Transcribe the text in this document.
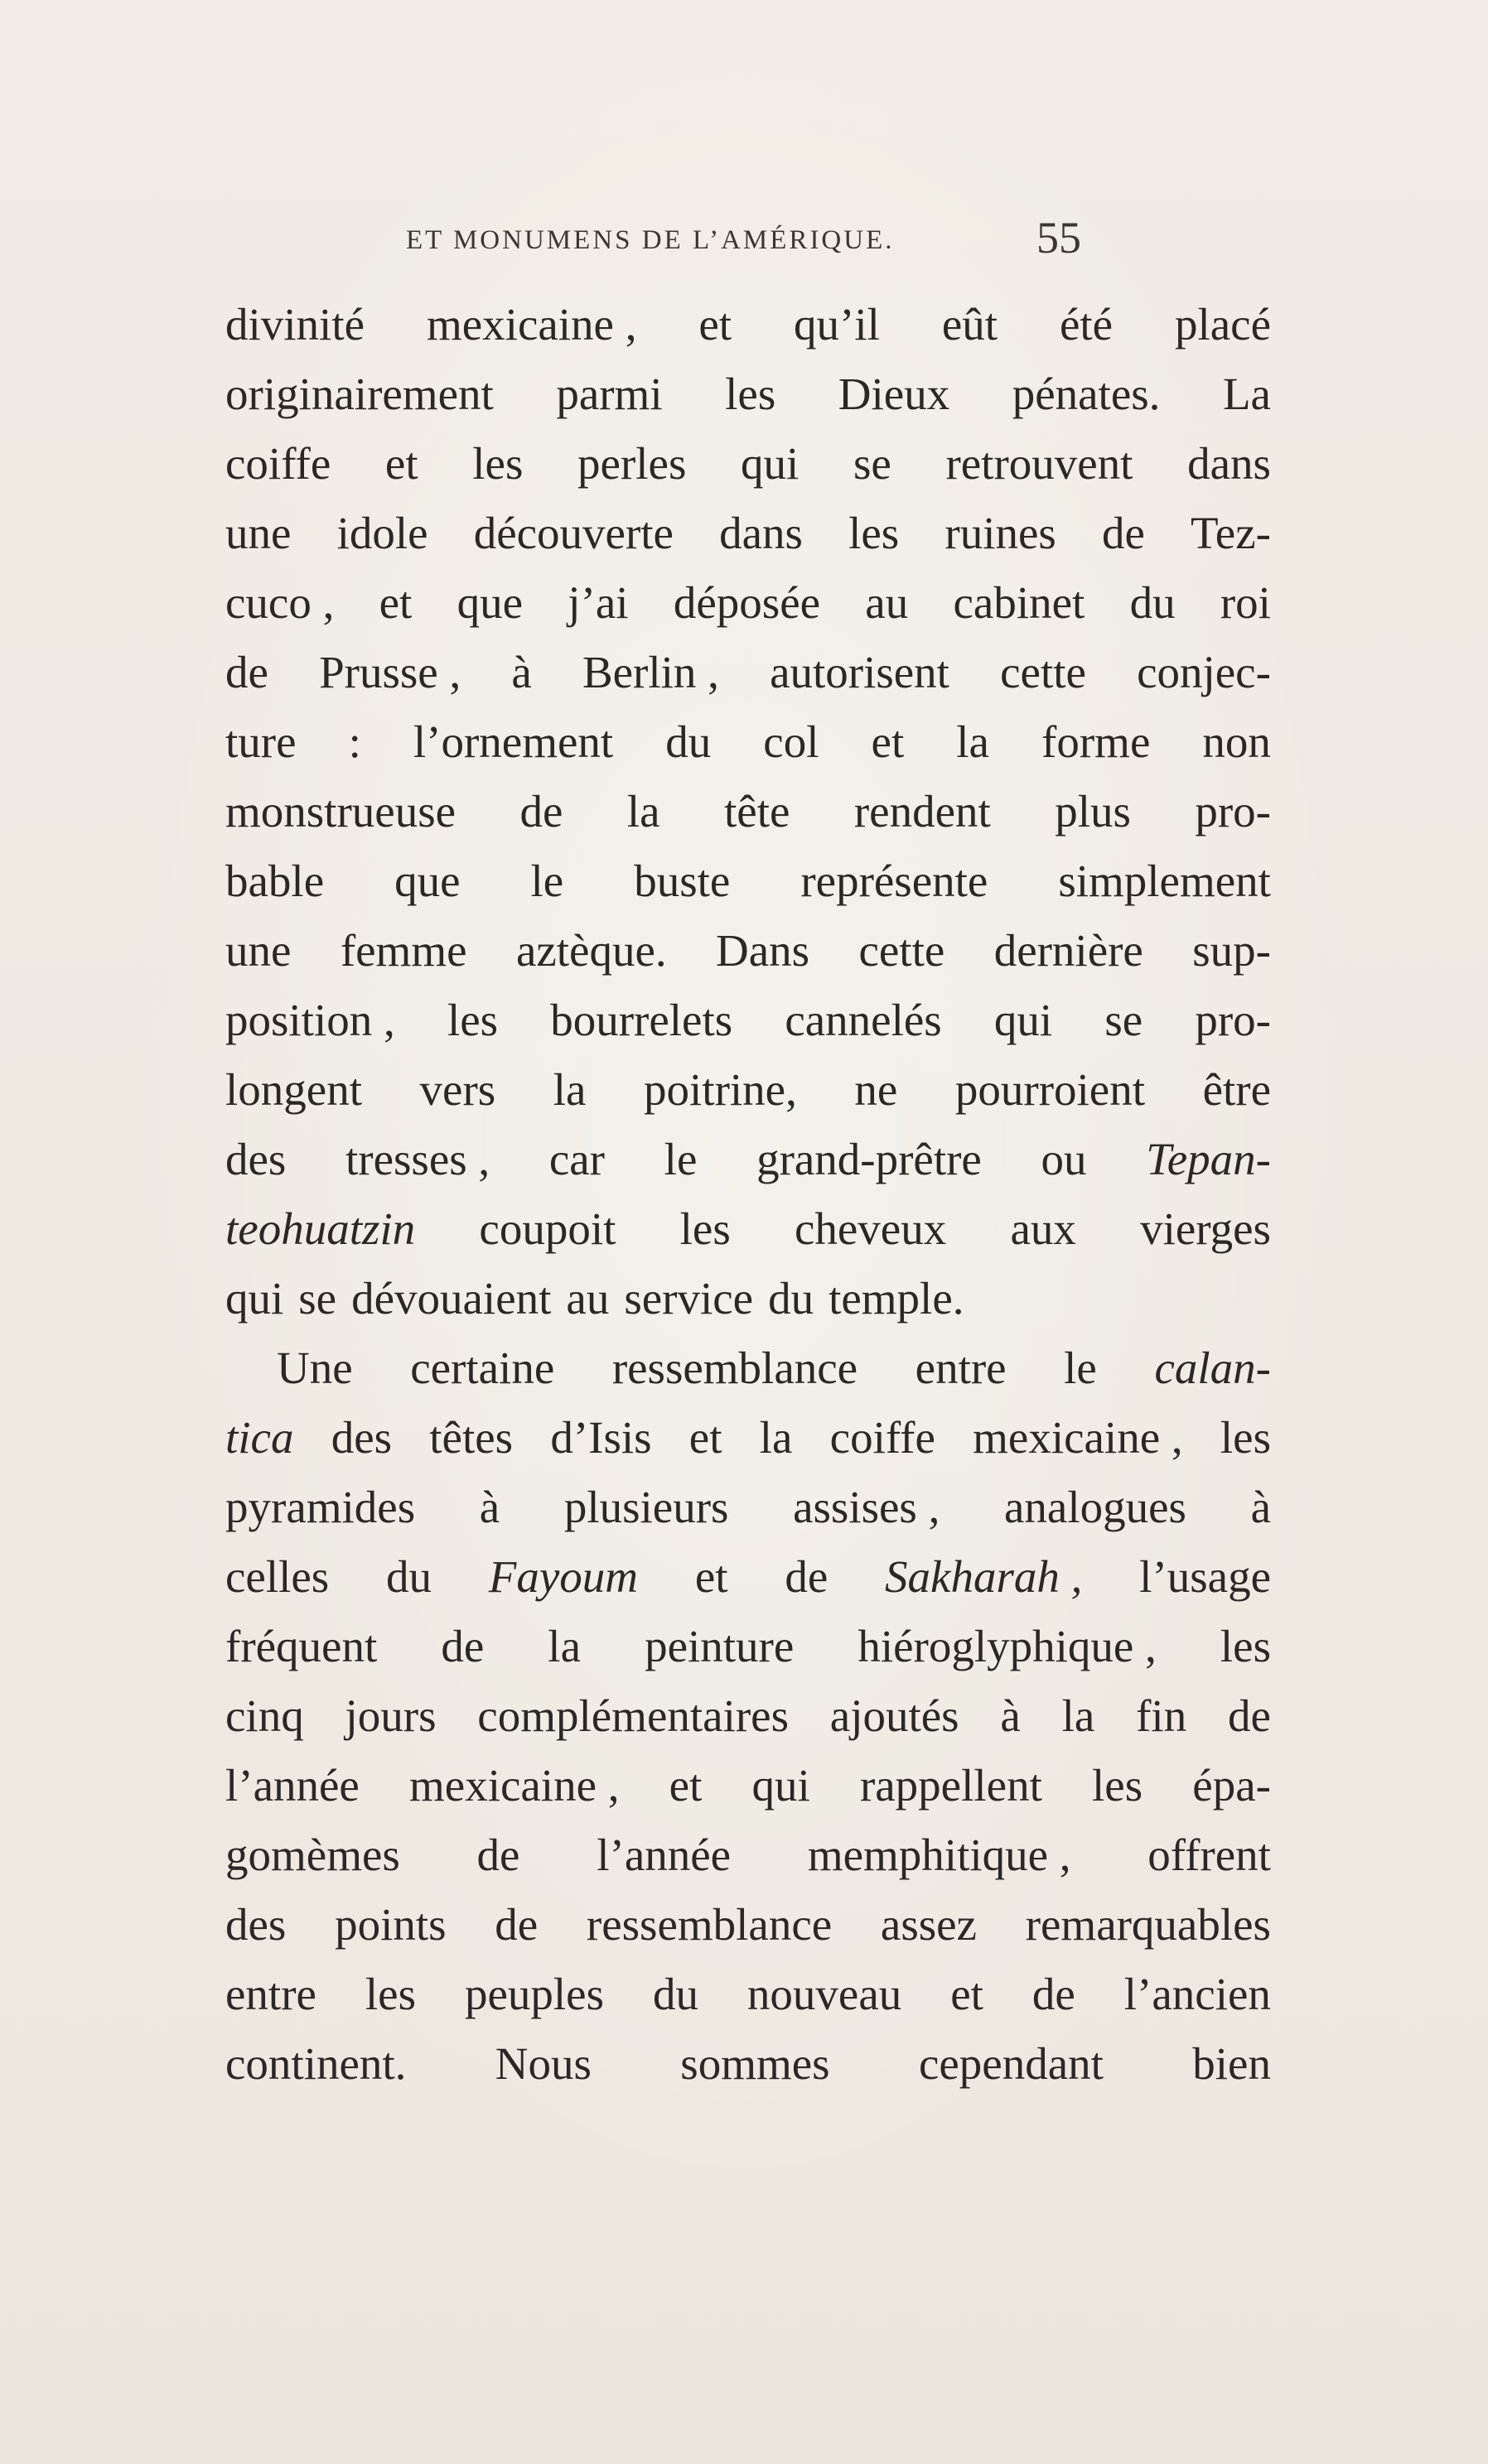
ET MONUMENS DE L’AMÉRIQUE.	55
divinité mexicaine , et qu’il eût été placé
originairement parmi les Dieux pénates. La
coiffe et les perles qui se retrouvent dans
une idole découverte dans les ruines de Tez-
cuco , et que j’ai déposée au cabinet du roi
de Prusse , à Berlin , autorisent cette conjec-
ture : l’ornement du col et la forme non
monstrueuse de la tête rendent plus pro-
bable que le buste représente simplement
une femme aztèque. Dans cette dernière sup-
position , les bourrelets cannelés qui se pro-
longent vers la poitrine, ne pourroient être
des tresses , car le grand-prêtre ou Tepan-
teohuatzin coupoit les cheveux aux vierges
qui se dévouaient au service du temple.
Une certaine ressemblance entre le calan-
tica des têtes d’Isis et la coiffe mexicaine , les
pyramides à plusieurs assises , analogues à
celles du Fayoum et de Sakharah , l’usage
fréquent de la peinture hiéroglyphique , les
cinq jours complémentaires ajoutés à la fin de
l’année mexicaine , et qui rappellent les épa-
gomèmes de l’année memphitique , offrent
des points de ressemblance assez remarquables
entre les peuples du nouveau et de l’ancien
continent. Nous sommes cependant bien
